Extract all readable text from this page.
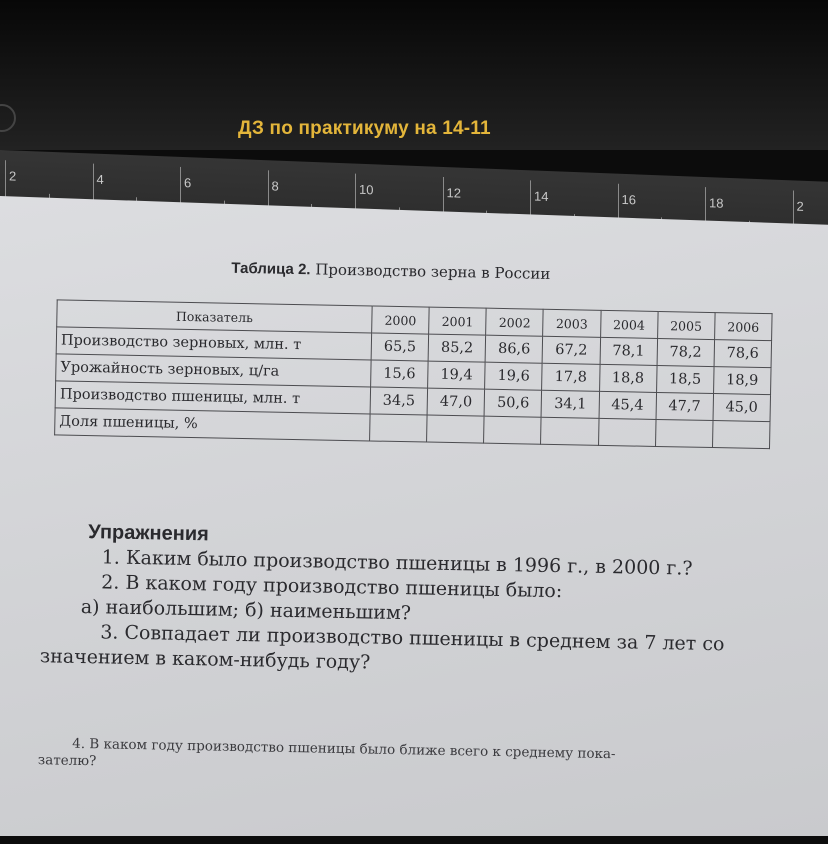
ДЗ по практикуму на 14-11
2	4	6	8	10	12	14	16	18	2
Таблица 2. Производство зерна в России
Показатель	2000	2001	2002	2003	2004	2005	2006
Производство зерновых, млн. т	65,5	85,2	86,6	67,2	78,1	78,2	78,6
Урожайность зерновых, ц/га	15,6	19,4	19,6	17,8	18,8	18,5	18,9
Производство пшеницы, млн. т	34,5	47,0	50,6	34,1	45,4	47,7	45,0
Доля пшеницы, %							
Упражнения
1. Каким было производство пшеницы в 1996 г., в 2000 г.?
2. В каком году производство пшеницы было:
а) наибольшим; б) наименьшим?
3. Совпадает ли производство пшеницы в среднем за 7 лет со
значением в каком-нибудь году?
4. В каком году производство пшеницы было ближе всего к среднему пока-
зателю?
